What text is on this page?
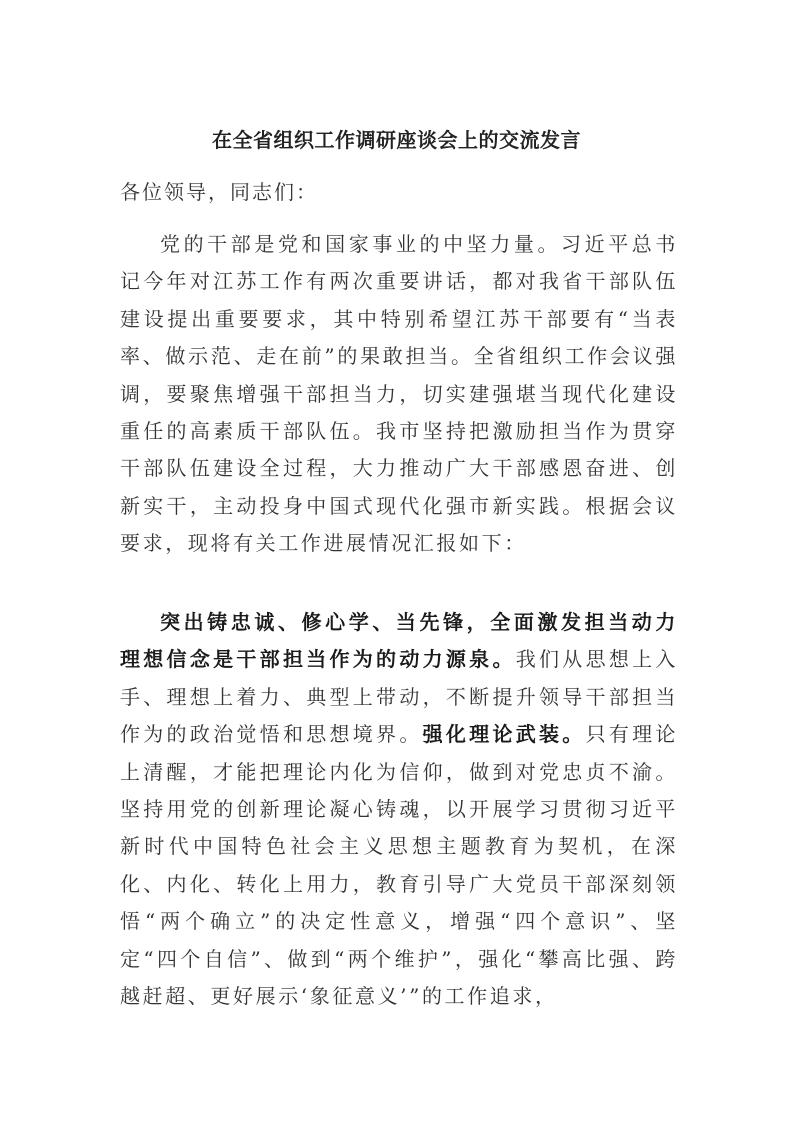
在全省组织工作调研座谈会上的交流发言
各位领导，同志们：

党的干部是党和国家事业的中坚力量。习近平总书记今年对江苏工作有两次重要讲话，都对我省干部队伍建设提出重要要求，其中特别希望江苏干部要有“当表率、做示范、走在前”的果敢担当。全省组织工作会议强调，要聚焦增强干部担当力，切实建强堪当现代化建设重任的高素质干部队伍。我市坚持把激励担当作为贯穿干部队伍建设全过程，大力推动广大干部感恩奋进、创新实干，主动投身中国式现代化强市新实践。根据会议要求，现将有关工作进展情况汇报如下：

突出铸忠诚、修心学、当先锋，全面激发担当动力理想信念是干部担当作为的动力源泉。我们从思想上入手、理想上着力、典型上带动，不断提升领导干部担当作为的政治觉悟和思想境界。强化理论武装。只有理论上清醒，才能把理论内化为信仰，做到对党忠贞不渝。坚持用党的创新理论凝心铸魂，以开展学习贯彻习近平新时代中国特色社会主义思想主题教育为契机，在深化、内化、转化上用力，教育引导广大党员干部深刻领悟“两个确立”的决定性意义，增强“四个意识”、坚定“四个自信”、做到“两个维护”，强化“攀高比强、跨越赶超、更好展示‘象征意义’”的工作追求，
